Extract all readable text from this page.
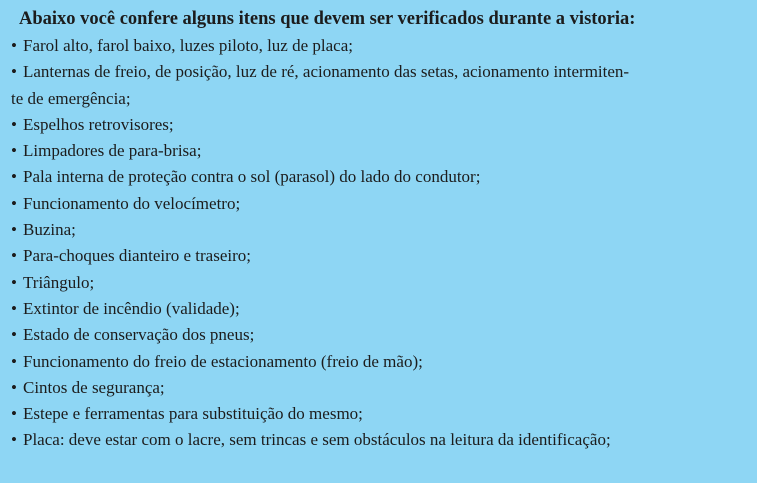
Abaixo você confere alguns itens que devem ser verificados durante a vistoria:
• Farol alto, farol baixo, luzes piloto, luz de placa;
• Lanternas de freio, de posição, luz de ré, acionamento das setas, acionamento intermiten-
te de emergência;
• Espelhos retrovisores;
• Limpadores de para-brisa;
• Pala interna de proteção contra o sol (parasol) do lado do condutor;
• Funcionamento do velocímetro;
• Buzina;
• Para-choques dianteiro e traseiro;
• Triângulo;
• Extintor de incêndio (validade);
• Estado de conservação dos pneus;
• Funcionamento do freio de estacionamento (freio de mão);
• Cintos de segurança;
• Estepe e ferramentas para substituição do mesmo;
• Placa: deve estar com o lacre, sem trincas e sem obstáculos na leitura da identificação;
